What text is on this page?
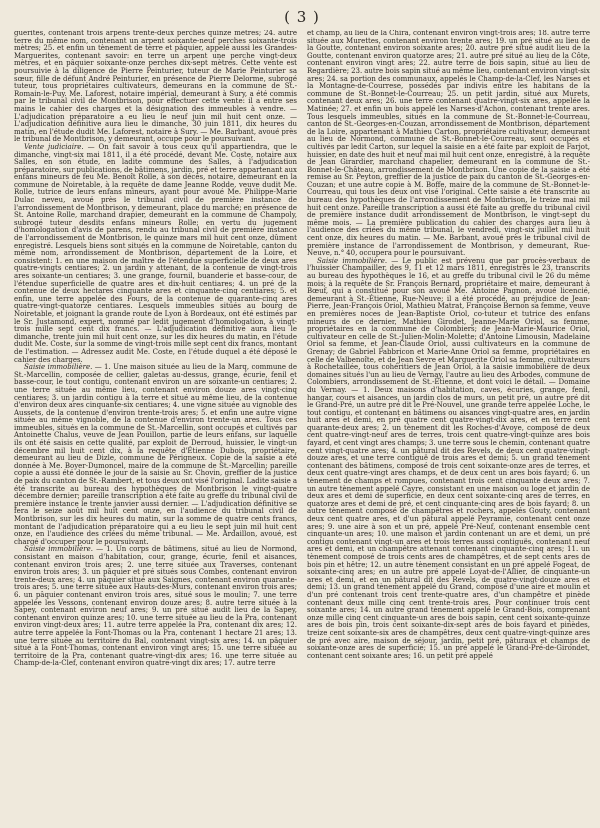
( 3 )

guerites, contenant trois arpens trente-deux perches quinze mètres; 24. autre terre du même nom, contenant un arpent soixante-neuf perches soixante-trois mètres; 25. et enfin un tènement de terre et pâquier, appelé aussi les Grandes-Marguerites, contenant savoir: en terre un arpent une perche vingt-deux mètres, et en pâquier soixante-onze perches dix-sept mètres. Cette vente est poursuivie à la diligence de Pierre Peinturier, tuteur de Marie Peinturier sa sœur, fille de défunt André Peinturier, en présence de Pierre Delorme, subrogé tuteur, tous propriétaires cultivateurs, demeurans en la commune de St.-Romain-le-Puy. Me. Laforest, notaire impérial, demeurant à Sury, a été commis par le tribunal civil de Montbrison, pour effectuer cette vente: il a entre ses mains le cahier des charges et la désignation des immeubles à vendre. — L'adjudication préparatoire a eu lieu le neuf juin mil huit cent onze. — L'adjudication définitive aura lieu le dimanche, 30 juin 1811, dix heures du matin, en l'étude dudit Me. Laforest, notaire à Sury. — Me. Barbant, avoué près le tribunal de Montbrison, y demeurant, occupe pour le poursuivant.

Vente judiciaire. — On fait savoir à tous ceux qu'il appartiendra, que le dimanche, vingt-six mai 1811, il a été procédé, devant Me. Coste, notaire aux Salles, en son étude, en ladite commune des Salles, à l'adjudication préparatoire, sur publications, de bâtimens, jardin, pré et terre appartenant aux enfans mineurs de feu Me. Benoît Rolle, à son décès, notaire, demeurant en la commune de Noiretable, à la requête de dame Jeanne Rodde, veuve dudit Me. Rolle, tutrice de leurs enfans mineurs, ayant pour avoué Me. Philippe-Marie Dulac neveu, avoué près le tribunal civil de première instance de l'arrondissement de Montbrison, y demeurant, place du marché; en présence de St. Antoine Rolle, marchand drapier, demeurant en la commune de Champoly, subrogé tuteur desdits enfans mineurs Rolle; en vertu du jugement d'homologation d'avis de parens, rendu au tribunal civil de première instance de l'arrondissement de Montbrison, le quinze mars mil huit cent onze, dûment enregistré. Lesquels biens sont situés en la commune de Noiretable, canton du même nom, arrondissement de Montbrison, département de la Loire, et consistent: 1. en une maison de maître de l'étendue superficielle de deux ares quatre-vingts centiares; 2. un jardin y attenant, de la contenue de vingt-trois ares soixante-un centiares; 3. une grange, fournil, buanderie et basse-cour, de l'étendue superficielle de quatre ares et dix-huit centiares; 4. un pré de la contenue de deux hectares cinquante ares et cinquante-cinq centiares; 5. et enfin, une terre appelée des Fours, de la contenue de quarante-cinq ares quatre-vingt-quatorze centiares. Lesquels immeubles situés au bourg de Noiretable, et joignant la grande route de Lyon à Bordeaux, ont été estimés par le Sr. Justamond, expert, nommé par ledit jugement d'homologation, à vingt-trois mille sept cent dix francs. — L'adjudication définitive aura lieu le dimanche, trente juin mil huit cent onze, sur les dix heures du matin, en l'étude dudit Me. Coste, sur la somme de vingt-trois mille sept cent dix francs, montant de l'estimation. — Adressez audit Me. Coste, en l'étude duquel a été déposé le cahier des charges.

Saisie immobilière. — 1. Une maison située au lieu de la Marq, commune de St.-Marcellin, composée de cellier, galetas au-dessus, grange, écurie, fenil et basse-cour, le tout contigu, contenant environ un are soixante-un centiares; 2. une terre située au même lieu, contenant environ douze ares vingt-cinq centiares; 3. un jardin contigu à la terre et situé au même lieu, de la contenue d'environ deux ares cinquante-six centiares; 4. une vigne située au vignoble des Aussets, de la contenue d'environ trente-trois ares; 5. et enfin une autre vigne située au même vignoble, de la contenue d'environ trente-un ares. Tous ces immeubles, situés en la commune de St.-Marcellin, sont occupés et cultivés par Antoinette Chalus, veuve de Jean Pouillon, partie de leurs enfans, sur laquelle ils ont été saisis en cette qualité, par exploit de Derroud, huissier, le vingt-un décembre mil huit cent dix, à la requête d'Étienne Dubois, propriétaire, demeurant au lieu de Dizle, commune de Périgneux. Copie de la saisie a été donnée à Me. Boyer-Dumoncel, maire de la commune de St.-Marcellin; pareille copie a aussi été donnée le jour de la saisie au Sr. Chovin, greffier de la justice de paix du canton de St.-Rambert, et tous deux ont visé l'original. Ladite saisie a été transcrite au bureau des hypothèques de Montbrison le vingt-quatre décembre dernier; pareille transcription a été faite au greffe du tribunal civil de première instance le trente janvier aussi dernier. — L'adjudication définitive se fera le seize août mil huit cent onze, en l'audience du tribunal civil de Montbrison, sur les dix heures du matin, sur la somme de quatre cents francs, montant de l'adjudication préparatoire qui a eu lieu le sept juin mil huit cent onze, en l'audience des criées du même tribunal. — Me. Ardaillon, avoué, est chargé d'occuper pour le poursuivant.

Saisie immobilière. — 1. Un corps de bâtimens, situé au lieu de Normond, consistant en maison d'habitation, cour, grange, écurie, fenil et aisances, contenant environ trois ares; 2. une terre située aux Traverses, contenant environ trois ares; 3. un pâquier et pré situés sous Combes, contenant environ trente-deux ares; 4. un pâquier situé aux Saignes, contenant environ quarante-trois ares; 5. une terre située aux Hauts-des-Murs, contenant environ trois ares; 6. un pâquier contenant environ trois ares, situé sous le moulin; 7. une terre appelée les Vessons, contenant environ douze ares; 8. autre terre située à la Sapey, contenant environ neuf ares; 9. un pré situé audit lieu de la Sapey, contenant environ quinze ares; 10. une terre située au lieu de la Pra, contenant environ vingt-deux ares; 11. autre terre appelée la Pra, contenant dix ares; 12. autre terre appelée la Font-Thomas ou la Pra, contenant 1 hectare 21 ares; 13. une terre située au territoire du Bal, contenant vingt-six ares; 14. un pâquier situé à la Font-Thomas, contenant environ vingt ares; 15. une terre située au territoire de la Pra, contenant quatre-vingt-dix ares; 16. une terre située au Champ-de-la-Clef, contenant environ quatre-vingt dix ares; 17. autre terre

et champ, au lieu de la Chira, contenant environ vingt-trois ares; 18. autre terre située aux Murettes, contenant environ trente ares; 19. un pré situé au lieu de la Goutte, contenant environ soixante ares; 20. autre pré situé audit lieu de la Goutte, contenant environ quatorze ares; 21. autre pré situé au lieu de la Côte, contenant environ vingt ares; 22. autre terre de bois sapin, situé au lieu de Regardière; 23. autre bois sapin situé au même lieu, contenant environ vingt-six ares; 24. sa portion des communaux, appelés le Champ-de-la-Clef, les Narses et la Montagne-de-Courrese, possédés par indivis entre les habitans de la commune de St.-Bonnet-le-Courreau; 25. un petit jardin, situé aux Murets, contenant deux ares; 26. une terre contenant quatre-vingt-six ares, appelée la Matinée; 27. et enfin un bois appelé les Narses-d'Achon, contenant trente ares. Tous lesquels immeubles, situés en la commune de St.-Bonnet-le-Courreau, canton de St.-Georges-en-Couzan, arrondissement de Montbrison, département de la Loire, appartenant à Mathieu Carton, propriétaire cultivateur, demeurant au lieu de Normond, commune de St.-Bonnet-le-Courreau, sont occupés et cultivés par ledit Carton, sur lequel la saisie en a été faite par exploit de Farjot, huissier, en date des huit et neuf mai mil huit cent onze, enregistré, à la requête de Jean Girardier, marchand chapelier, demeurant en la commune de St.-Bonnet-le-Château, arrondissement de Montbrison. Une copie de la saisie a été remise au Sr. Peyton, greffier de la justice de paix du canton de St.-Georges-en-Couzan; et une autre copie à M. Boffe, maire de la commune de St.-Bonnet-le-Courreau, qui tous les deux ont visé l'original. Cette saisie a été transcrite au bureau des hypothèques de l'arrondissement de Montbrison, le treize mai mil huit cent onze. Pareille transcription a aussi été faite au greffe du tribunal civil de première instance dudit arrondissement de Montbrison, le vingt-sept du même mois. — La première publication du cahier des charges aura lieu à l'audience des criées du même tribunal, le vendredi, vingt-six juillet mil huit cent onze, dix heures du matin. — Me. Barbant, avoué près le tribunal civil de première instance de l'arrondissement de Montbrison, y demeurant, Rue-Neuve, n.° 40, occupera pour le poursuivant.

Saisie immobilière. — Le public est prévenu que par procès-verbaux de l'huissier Champailler, des 9, 11 et 12 mars 1811, enregistrés le 23, transcrits au bureau des hypothèques le 16, et au greffe du tribunal civil le 26 du même mois; à la requête de Sr. François Bernard, propriétaire et maire, demeurant à Bœuf, qui a constitué pour son avoué Me. Antoine Pagnon, avoué licencié, demeurant à St.-Étienne, Rue-Neuve; il a été procédé, au préjudice de Jean-Pierre, Jean-François Oriol, Mathieu Matrat, Françoise Bernon sa femme, veuve en premières noces de Jean-Baptiste Oriol, co-tuteur et tutrice des enfans mineurs de ce dernier, Mathieu Girodet, Jeanne-Marie Oriol, sa femme, propriétaires en la commune de Colombiers; de Jean-Marie-Maurice Oriol, cultivateur en celle de St.-Julien-Molin-Molette; d'Antoine Limousin, Madelaine Oriol sa femme, et Jean-Claude Oriol, aussi cultivateurs en la commune de Grenay; de Gabriel Fabbricon et Marie-Anne Oriol sa femme, propriétaires en celle de Valbenoîte, et de Jean Sevre et Marguerite Oriol sa femme, cultivateurs à Rochetaillée, tous cohéritiers de Jean Oriol, à la saisie immobilière de deux domaines situés l'un au lieu de Vernay, l'autre au lieu des Arbodes, commune de Colombiers, arrondissement de St.-Étienne, et dont voici le détail. — Domaine du Vernay. — 1. Deux maisons d'habitation, caves, écuries, grange, fenil, hangar, cours et aisances, un jardin clos de murs, un petit pré, un autre pré dit le Grand-Pré, un autre pré dit le Pré-Nouvel, une grande terre appelée Loche, le tout contigu, et contenant en bâtimens ou aisances vingt-quatre ares, en jardin huit ares et demi, en pré quatre cent quatre-vingt-dix ares, et en terre cent quarante-deux ares; 2. un tènement dit les Roches-d'Avoye, composé de deux cent quatre-vingt-neuf ares de terres, trois cent quatre-vingt-quinze ares bois fayard, et cent vingt ares champs; 3. une terre sous le chemin, contenant quatre cent vingt-quatre ares; 4. un pâtural dit des Revels, de deux cent quatre-vingt-douze ares, et une terre contiguë de trois ares et demi; 5. un grand tènement contenant des bâtimens, composé de trois cent soixante-onze ares de terres, et deux cent quatre-vingt ares champs, et de deux cent un ares bois fayard; 6. un tènement de champs et rompues, contenant trois cent cinquante deux ares; 7. un autre tènement appelé Cayre, consistant en une maison ou loge et jardin de deux ares et demi de superficie, en deux cent soixante-cinq ares de terres, en quatorze ares et demi de pré, et cent cinquante-cinq ares de bois fayard; 8. un autre tènement composé de champêtres et rochers, appelés Gouty, contenant deux cent quatre ares, et d'un pâtural appelé Peyramie, contenant cent onze ares; 9. une aire à son et un pré, appelé Pré-Neuf, contenant ensemble cent cinquante-un ares; 10. une maison et jardin contenant un are et demi, un pré contigu contenant vingt-un ares et trois terres aussi contiguës, contenant neuf ares et demi, et un champêtre attenant contenant cinquante-cinq ares; 11. un tènement composé de trois cents ares de champêtres, et de sept cents ares de bois pin et hêtre; 12. un autre tènement consistant en un pré appelé Fogeat, de soixante-cinq ares; en un autre pré appelé Loyat-de-l'Allier, de cinquante-un ares et demi, et en un pâtural dit des Revels, de quatre-vingt-douze ares et demi; 13. un grand tènement appelé du Grand, composé d'une aire et moulin et d'un pré contenant trois cent trente-quatre ares, d'un champêtre et pinède contenant deux mille cinq cent trente-trois ares. Pour continuer trois cent soixante ares; 14. un autre grand tènement appelé le Grand-Bois, comprenant onze mille cinq cent cinquante-un ares de bois sapin, cent cent soixante-quinze ares de bois pin, trois cent soixante-dix-sept ares de bois fayard et pinèdes, treize cent soixante-six ares de champêtres, deux cent quatre-vingt-quinze ares de pré avec aire, maison de séjour, jardin, petit pré, pâturaux et champs de soixante-onze ares de superficie; 15. un pré appelé le Grand-Pré-de-Girondet, contenant cent soixante ares; 16. un petit pré appelé
